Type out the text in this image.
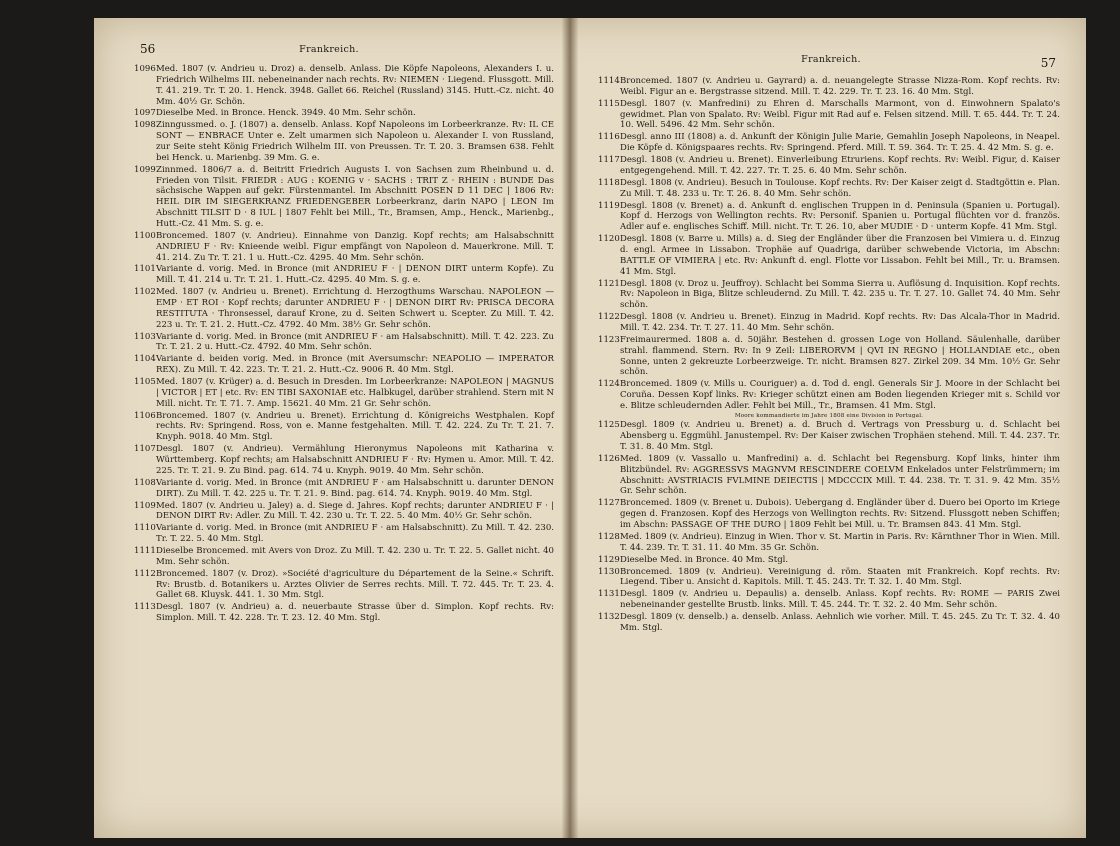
56	Frankreich.
1096 Med. 1807 (v. Andrieu u. Droz) a. denselb. Anlass. Die Köpfe Napoleons, Alexanders I. u. Friedrich Wilhelms III. nebeneinander nach rechts. Rv: NIEMEN · Liegend. Flussgott. Mill. T. 41. 219. Tr. T. 20. 1. Henck. 3948. Gallet 66. Reichel (Russland) 3145. Hutt.-Cz. nicht. 40 Mm. 40½ Gr. Schön.
1097 Dieselbe Med. in Bronce. Henck. 3949. 40 Mm. Sehr schön.
1098 Zinngussmed. o. J. (1807) a. denselb. Anlass. Kopf Napoleons im Lorbeerkranze. Rv: IL CE SONT — ENBRACE Unter e. Zelt umarmen sich Napoleon u. Alexander I. von Russland, zur Seite steht König Friedrich Wilhelm III. von Preussen. Tr. T. 20. 3. Bramsen 638. Fehlt bei Henck. u. Marienbg. 39 Mm. G. e.
1099 Zinnmed. 1806/7 a. d. Beitritt Friedrich Augusts I. von Sachsen zum Rheinbund u. d. Frieden von Tilsit. FRIEDR : AUG : KOENIG v · SACHS : TRIT Z · RHEIN : BUNDE Das sächsische Wappen auf gekr. Fürstenmantel. Im Abschnitt POSEN D 11 DEC | 1806 Rv: HEIL DIR IM SIEGERKRANZ FRIEDENGEBER Lorbeerkranz, darin NAPO | LEON Im Abschnitt TILSIT D · 8 IUL | 1807 Fehlt bei Mill., Tr., Bramsen, Amp., Henck., Marienbg., Hutt.-Cz. 41 Mm. S. g. e.
1100 Broncemed. 1807 (v. Andrieu). Einnahme von Danzig. Kopf rechts; am Halsabschnitt ANDRIEU F · Rv: Knieende weibl. Figur empfängt von Napoleon d. Mauerkrone. Mill. T. 41. 214. Zu Tr. T. 21. 1 u. Hutt.-Cz. 4295. 40 Mm. Sehr schön.
1101 Variante d. vorig. Med. in Bronce (mit ANDRIEU F · | DENON DIRT unterm Kopfe). Zu Mill. T. 41. 214 u. Tr. T. 21. 1. Hutt.-Cz. 4295. 40 Mm. S. g. e.
1102 Med. 1807 (v. Andrieu u. Brenet). Errichtung d. Herzogthums Warschau. NAPOLEON — EMP · ET ROI · Kopf rechts; darunter ANDRIEU F · | DENON DIRT Rv: PRISCA DECORA RESTITUTA · Thronsessel, darauf Krone, zu d. Seiten Schwert u. Scepter. Zu Mill. T. 42. 223 u. Tr. T. 21. 2. Hutt.-Cz. 4792. 40 Mm. 38½ Gr. Sehr schön.
1103 Variante d. vorig. Med. in Bronce (mit ANDRIEU F · am Halsabschnitt). Mill. T. 42. 223. Zu Tr. T. 21. 2 u. Hutt.-Cz. 4792. 40 Mm. Sehr schön.
1104 Variante d. beiden vorig. Med. in Bronce (mit Aversumschr: NEAPOLIO — IMPERATOR REX). Zu Mill. T. 42. 223. Tr. T. 21. 2. Hutt.-Cz. 9006 R. 40 Mm. Stgl.
1105 Med. 1807 (v. Krüger) a. d. Besuch in Dresden. Im Lorbeerkranze: NAPOLEON | MAGNUS | VICTOR | ET | etc. Rv: EN TIBI SAXONIAE etc. Halbkugel, darüber strahlend. Stern mit N Mill. nicht. Tr. T. 71. 7. Amp. 15621. 40 Mm. 21 Gr. Sehr schön.
1106 Broncemed. 1807 (v. Andrieu u. Brenet). Errichtung d. Königreichs Westphalen. Kopf rechts. Rv: Springend. Ross, von e. Manne festgehalten. Mill. T. 42. 224. Zu Tr. T. 21. 7. Knyph. 9018. 40 Mm. Stgl.
1107 Desgl. 1807 (v. Andrieu). Vermählung Hieronymus Napoleons mit Katharina v. Württemberg. Kopf rechts; am Halsabschnitt ANDRIEU F · Rv: Hymen u. Amor. Mill. T. 42. 225. Tr. T. 21. 9. Zu Bind. pag. 614. 74 u. Knyph. 9019. 40 Mm. Sehr schön.
1108 Variante d. vorig. Med. in Bronce (mit ANDRIEU F · am Halsabschnitt u. darunter DENON DIRT). Zu Mill. T. 42. 225 u. Tr. T. 21. 9. Bind. pag. 614. 74. Knyph. 9019. 40 Mm. Stgl.
1109 Med. 1807 (v. Andrieu u. Jaley) a. d. Siege d. Jahres. Kopf rechts; darunter ANDRIEU F · | DENON DIRT Rv: Adler. Zu Mill. T. 42. 230 u. Tr. T. 22. 5. 40 Mm. 40½ Gr. Sehr schön.
1110 Variante d. vorig. Med. in Bronce (mit ANDRIEU F · am Halsabschnitt). Zu Mill. T. 42. 230. Tr. T. 22. 5. 40 Mm. Stgl.
1111 Dieselbe Broncemed. mit Avers von Droz. Zu Mill. T. 42. 230 u. Tr. T. 22. 5. Gallet nicht. 40 Mm. Sehr schön.
1112 Broncemed. 1807 (v. Droz). »Société d'agriculture du Département de la Seine.« Schrift. Rv: Brustb. d. Botanikers u. Arztes Olivier de Serres rechts. Mill. T. 72. 445. Tr. T. 23. 4. Gallet 68. Kluysk. 441. 1. 30 Mm. Stgl.
1113 Desgl. 1807 (v. Andrieu) a. d. neuerbaute Strasse über d. Simplon. Kopf rechts. Rv: Simplon. Mill. T. 42. 228. Tr. T. 23. 12. 40 Mm. Stgl.
Frankreich.	57
1114 Broncemed. 1807 (v. Andrieu u. Gayrard) a. d. neuangelegte Strasse Nizza-Rom. Kopf rechts. Rv: Weibl. Figur an e. Bergstrasse sitzend. Mill. T. 42. 229. Tr. T. 23. 16. 40 Mm. Stgl.
1115 Desgl. 1807 (v. Manfredini) zu Ehren d. Marschalls Marmont, von d. Einwohnern Spalato's gewidmet. Plan von Spalato. Rv: Weibl. Figur mit Rad auf e. Felsen sitzend. Mill. T. 65. 444. Tr. T. 24. 10. Well. 5496. 42 Mm. Sehr schön.
1116 Desgl. anno III (1808) a. d. Ankunft der Königin Julie Marie, Gemahlin Joseph Napoleons, in Neapel. Die Köpfe d. Königspaares rechts. Rv: Springend. Pferd. Mill. T. 59. 364. Tr. T. 25. 4. 42 Mm. S. g. e.
1117 Desgl. 1808 (v. Andrieu u. Brenet). Einverleibung Etruriens. Kopf rechts. Rv: Weibl. Figur, d. Kaiser entgegengehend. Mill. T. 42. 227. Tr. T. 25. 6. 40 Mm. Sehr schön.
1118 Desgl. 1808 (v. Andrieu). Besuch in Toulouse. Kopf rechts. Rv: Der Kaiser zeigt d. Stadtgöttin e. Plan. Zu Mill. T. 48. 233 u. Tr. T. 26. 8. 40 Mm. Sehr schön.
1119 Desgl. 1808 (v. Brenet) a. d. Ankunft d. englischen Truppen in d. Peninsula (Spanien u. Portugal). Kopf d. Herzogs von Wellington rechts. Rv: Personif. Spanien u. Portugal flüchten vor d. französ. Adler auf e. englisches Schiff. Mill. nicht. Tr. T. 26. 10, aber MUDIE · D · unterm Kopfe. 41 Mm. Stgl.
1120 Desgl. 1808 (v. Barre u. Mills) a. d. Sieg der Engländer über die Franzosen bei Vimiera u. d. Einzug d. engl. Armee in Lissabon. Trophäe auf Quadriga, darüber schwebende Victoria, im Abschn: BATTLE OF VIMIERA | etc. Rv: Ankunft d. engl. Flotte vor Lissabon. Fehlt bei Mill., Tr. u. Bramsen. 41 Mm. Stgl.
1121 Desgl. 1808 (v. Droz u. Jeuffroy). Schlacht bei Somma Sierra u. Auflösung d. Inquisition. Kopf rechts. Rv: Napoleon in Biga, Blitze schleudernd. Zu Mill. T. 42. 235 u. Tr. T. 27. 10. Gallet 74. 40 Mm. Sehr schön.
1122 Desgl. 1808 (v. Andrieu u. Brenet). Einzug in Madrid. Kopf rechts. Rv: Das Alcala-Thor in Madrid. Mill. T. 42. 234. Tr. T. 27. 11. 40 Mm. Sehr schön.
1123 Freimaurermed. 1808 a. d. 50jähr. Bestehen d. grossen Loge von Holland. Säulenhalle, darüber strahl. flammend. Stern. Rv: In 9 Zeil: LIBERORVM | QVI IN REGNO | HOLLANDIAE etc., oben Sonne, unten 2 gekreuzte Lorbeerzweige. Tr. nicht. Bramsen 827. Zirkel 209. 34 Mm. 10½ Gr. Sehr schön.
1124 Broncemed. 1809 (v. Mills u. Couriguer) a. d. Tod d. engl. Generals Sir J. Moore in der Schlacht bei Coruña. Dessen Kopf links. Rv: Krieger schützt einen am Boden liegenden Krieger mit s. Schild vor e. Blitze schleudernden Adler. Fehlt bei Mill., Tr., Bramsen. 41 Mm. Stgl.
Moore kommandierte im Jahre 1808 eine Division in Portugal.
1125 Desgl. 1809 (v. Andrieu u. Brenet) a. d. Bruch d. Vertrags von Pressburg u. d. Schlacht bei Abensberg u. Eggmühl. Janustempel. Rv: Der Kaiser zwischen Trophäen stehend. Mill. T. 44. 237. Tr. T. 31. 8. 40 Mm. Stgl.
1126 Med. 1809 (v. Vassallo u. Manfredini) a. d. Schlacht bei Regensburg. Kopf links, hinter ihm Blitzbündel. Rv: AGGRESSVS MAGNVM RESCINDERE COELVM Enkelados unter Felstrümmern; im Abschnitt: AVSTRIACIS FVLMINE DEIECTIS | MDCCCIX Mill. T. 44. 238. Tr. T. 31. 9. 42 Mm. 35½ Gr. Sehr schön.
1127 Broncemed. 1809 (v. Brenet u. Dubois). Uebergang d. Engländer über d. Duero bei Oporto im Kriege gegen d. Franzosen. Kopf des Herzogs von Wellington rechts. Rv: Sitzend. Flussgott neben Schiffen; im Abschn: PASSAGE OF THE DURO | 1809 Fehlt bei Mill. u. Tr. Bramsen 843. 41 Mm. Stgl.
1128 Med. 1809 (v. Andrieu). Einzug in Wien. Thor v. St. Martin in Paris. Rv: Kärnthner Thor in Wien. Mill. T. 44. 239. Tr. T. 31. 11. 40 Mm. 35 Gr. Schön.
1129 Dieselbe Med. in Bronce. 40 Mm. Stgl.
1130 Broncemed. 1809 (v. Andrieu). Vereinigung d. röm. Staaten mit Frankreich. Kopf rechts. Rv: Liegend. Tiber u. Ansicht d. Kapitols. Mill. T. 45. 243. Tr. T. 32. 1. 40 Mm. Stgl.
1131 Desgl. 1809 (v. Andrieu u. Depaulis) a. denselb. Anlass. Kopf rechts. Rv: ROME — PARIS Zwei nebeneinander gestellte Brustb. links. Mill. T. 45. 244. Tr. T. 32. 2. 40 Mm. Sehr schön.
1132 Desgl. 1809 (v. denselb.) a. denselb. Anlass. Aehnlich wie vorher. Mill. T. 45. 245. Zu Tr. T. 32. 4. 40 Mm. Stgl.
